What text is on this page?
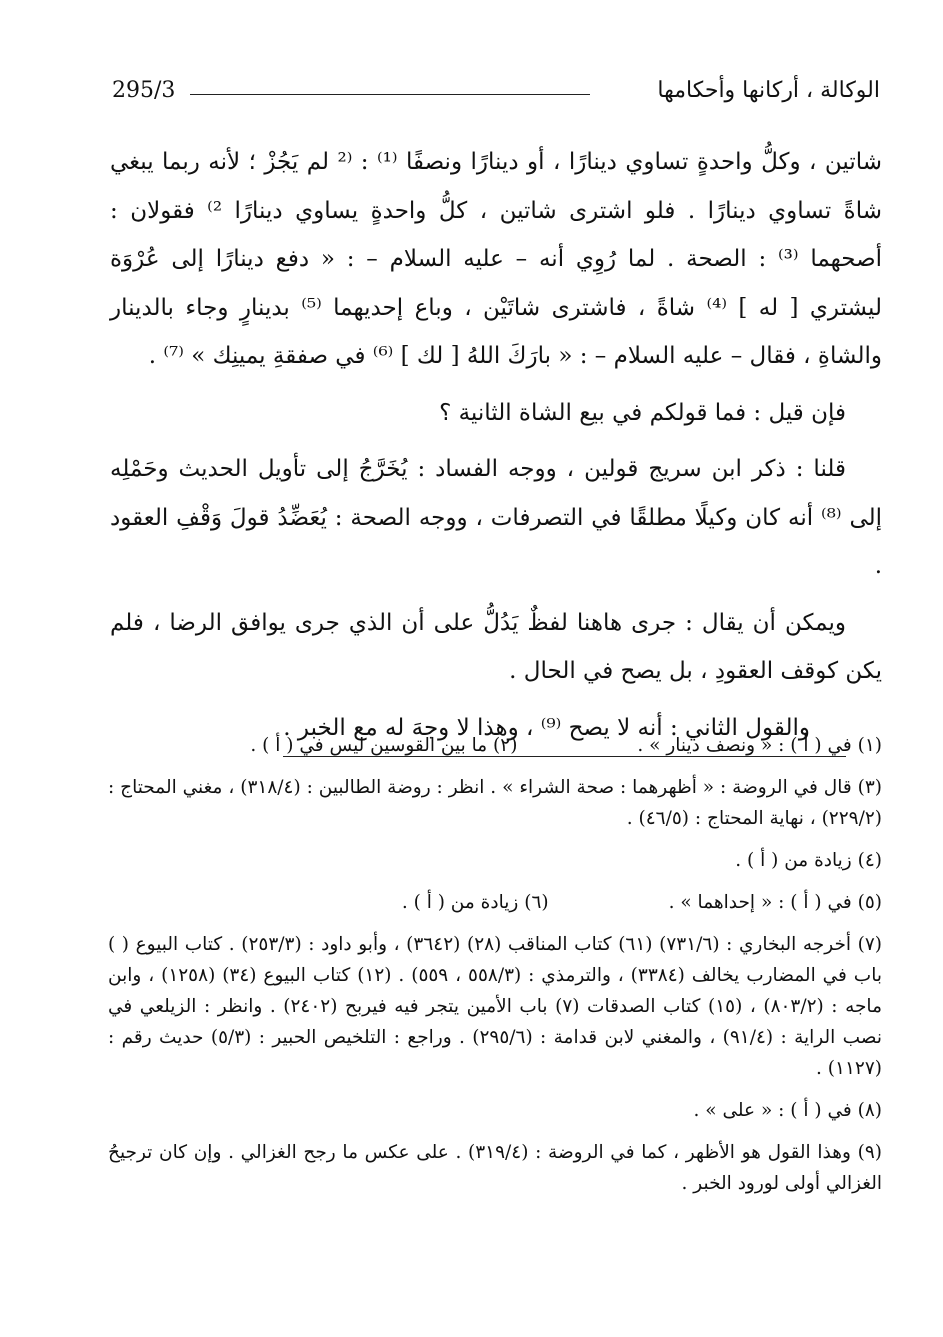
295/3	الوكالة ، أركانها وأحكامها

شاتين ، وكلُّ واحدةٍ تساوي دينارًا ، أو دينارًا ونصفًا ⁽¹⁾ : ⁽² لم يَجُزْ ؛ لأنه ربما يبغي شاةً تساوي دينارًا . فلو اشترى شاتين ، كلُّ واحدةٍ يساوي دينارًا ²⁾ فقولان : أصحهما ⁽³⁾ : الصحة . لما رُوِي أنه – عليه السلام – : « دفع دينارًا إلى عُرْوَة ليشتري [ له ] ⁽⁴⁾ شاةً ، فاشترى شاتَيْن ، وباع إحديهما ⁽⁵⁾ بدينارٍ وجاء بالدينار والشاةِ ، فقال – عليه السلام – : « بارَكَ اللهُ [ لك ] ⁽⁶⁾ في صفقةِ يمينِك » ⁽⁷⁾ .

فإن قيل : فما قولكم في بيع الشاة الثانية ؟

قلنا : ذكر ابن سريج قولين ، ووجه الفساد : يُخَرَّجُ إلى تأويل الحديث وحَمْلِه إلى ⁽⁸⁾ أنه كان وكيلًا مطلقًا في التصرفات ، ووجه الصحة : يُعَضِّدُ قولَ وَقْفِ العقود .

ويمكن أن يقال : جرى هاهنا لفظٌ يَدُلُّ على أن الذي جرى يوافق الرضا ، فلم يكن كوقف العقودِ ، بل يصح في الحال .

والقول الثاني : أنه لا يصح ⁽⁹⁾ ، وهذا لا وجهَ له مع الخبر .

(١) في ( أ ) : « ونصف دينار » .
(٢) ما بين القوسين ليس في ( أ ) .

(٣) قال في الروضة : « أظهرهما : صحة الشراء » . انظر : روضة الطالبين : (٣١٨/٤) ، مغني المحتاج : (٢٢٩/٢) ، نهاية المحتاج : (٤٦/٥) .

(٤) زيادة من ( أ ) .

(٥) في ( أ ) : « إحداهما » .
(٦) زيادة من ( أ ) .

(٧) أخرجه البخاري : (٧٣١/٦) (٦١) كتاب المناقب (٢٨) (٣٦٤٢) ، وأبو داود : (٢٥٣/٣) . كتاب البيوع ( ) باب في المضارب يخالف (٣٣٨٤) ، والترمذي : (٥٥٨/٣ ، ٥٥٩) . (١٢) كتاب البيوع (٣٤) (١٢٥٨) ، وابن ماجه : (٨٠٣/٢) ، (١٥) كتاب الصدقات (٧) باب الأمين يتجر فيه فيربح (٢٤٠٢) . وانظر : الزيلعي في نصب الراية : (٩١/٤) ، والمغني لابن قدامة : (٢٩٥/٦) . وراجع : التلخيص الحبير : (٥/٣) حديث رقم : (١١٢٧) .

(٨) في ( أ ) : « على » .

(٩) وهذا القول هو الأظهر ، كما في الروضة : (٣١٩/٤) . على عكس ما رجح الغزالي . وإن كان ترجيحُ الغزالي أولى لورود الخبر .
